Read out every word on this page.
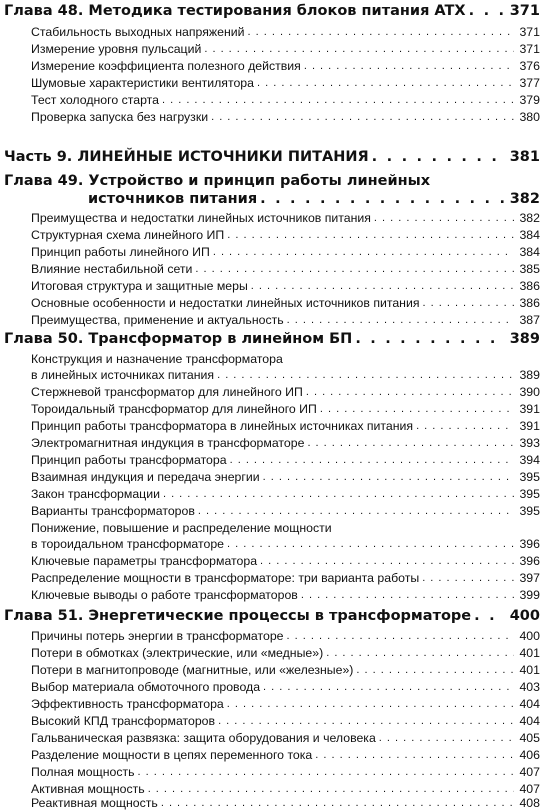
Глава 48. Методика тестирования блоков питания ATX . . .	371
Стабильность выходных напряжений . . .	371
Измерение уровня пульсаций . . .	371
Измерение коэффициента полезного действия . . .	376
Шумовые характеристики вентилятора . . .	377
Тест холодного старта . . .	379
Проверка запуска без нагрузки . . .	380
Часть 9. ЛИНЕЙНЫЕ ИСТОЧНИКИ ПИТАНИЯ . . .	381
Глава 49. Устройство и принцип работы линейных
источников питания . . .	382
Преимущества и недостатки линейных источников питания . . .	382
Структурная схема линейного ИП . . .	384
Принцип работы линейного ИП . . .	384
Влияние нестабильной сети . . .	385
Итоговая структура и защитные меры . . .	386
Основные особенности и недостатки линейных источников питания . . .	386
Преимущества, применение и актуальность . . .	387
Глава 50. Трансформатор в линейном БП . . .	389
Конструкция и назначение трансформатора
в линейных источниках питания . . .	389
Стержневой трансформатор для линейного ИП . . .	390
Тороидальный трансформатор для линейного ИП . . .	391
Принцип работы трансформатора в линейных источниках питания . . .	391
Электромагнитная индукция в трансформаторе . . .	393
Принцип работы трансформатора . . .	394
Взаимная индукция и передача энергии . . .	395
Закон трансформации . . .	395
Варианты трансформаторов . . .	395
Понижение, повышение и распределение мощности
в тороидальном трансформаторе . . .	396
Ключевые параметры трансформатора . . .	396
Распределение мощности в трансформаторе: три варианта работы . . .	397
Ключевые выводы о работе трансформаторов . . .	399
Глава 51. Энергетические процессы в трансформаторе . . .	400
Причины потерь энергии в трансформаторе . . .	400
Потери в обмотках (электрические, или «медные») . . .	401
Потери в магнитопроводе (магнитные, или «железные») . . .	401
Выбор материала обмоточного провода . . .	403
Эффективность трансформатора . . .	404
Высокий КПД трансформаторов . . .	404
Гальваническая развязка: защита оборудования и человека . . .	405
Разделение мощности в цепях переменного тока . . .	406
Полная мощность . . .	407
Активная мощность . . .	407
Реактивная мощность . . .	408
